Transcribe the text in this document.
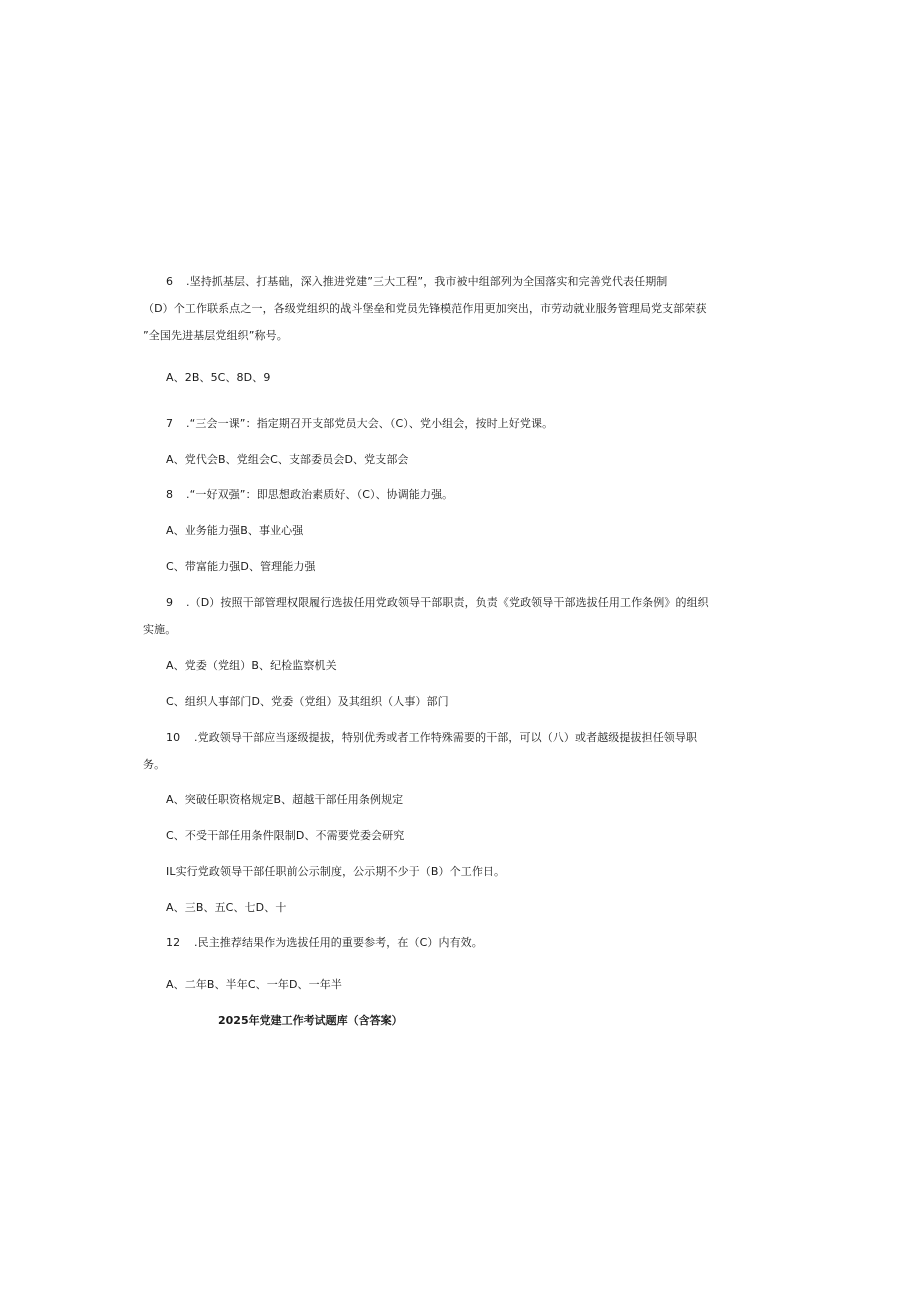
6 .坚持抓基层、打基础，深入推进党建”三大工程”，我市被中组部列为全国落实和完善党代表任期制
（D）个工作联系点之一，各级党组织的战斗堡垒和党员先锋模范作用更加突出，市劳动就业服务管理局党支部荣获
”全国先进基层党组织”称号。
A、2B、5C、8D、9
7 .“三会一课”：指定期召开支部党员大会、（C）、党小组会，按时上好党课。
A、党代会B、党组会C、支部委员会D、党支部会
8 .“一好双强”：即思想政治素质好、（C）、协调能力强。
A、业务能力强B、事业心强
C、带富能力强D、管理能力强
9 .（D）按照干部管理权限履行选拔任用党政领导干部职责，负责《党政领导干部选拔任用工作条例》的组织
实施。
A、党委（党组）B、纪检监察机关
C、组织人事部门D、党委（党组）及其组织（人事）部门
10 .党政领导干部应当逐级提拔，特别优秀或者工作特殊需要的干部，可以（八）或者越级提拔担任领导职
务。
A、突破任职资格规定B、超越干部任用条例规定
C、不受干部任用条件限制D、不需要党委会研究
IL实行党政领导干部任职前公示制度，公示期不少于（B）个工作日。
A、三B、五C、七D、十
12 .民主推荐结果作为选拔任用的重要参考，在（C）内有效。
A、二年B、半年C、一年D、一年半
2025年党建工作考试题库（含答案）
